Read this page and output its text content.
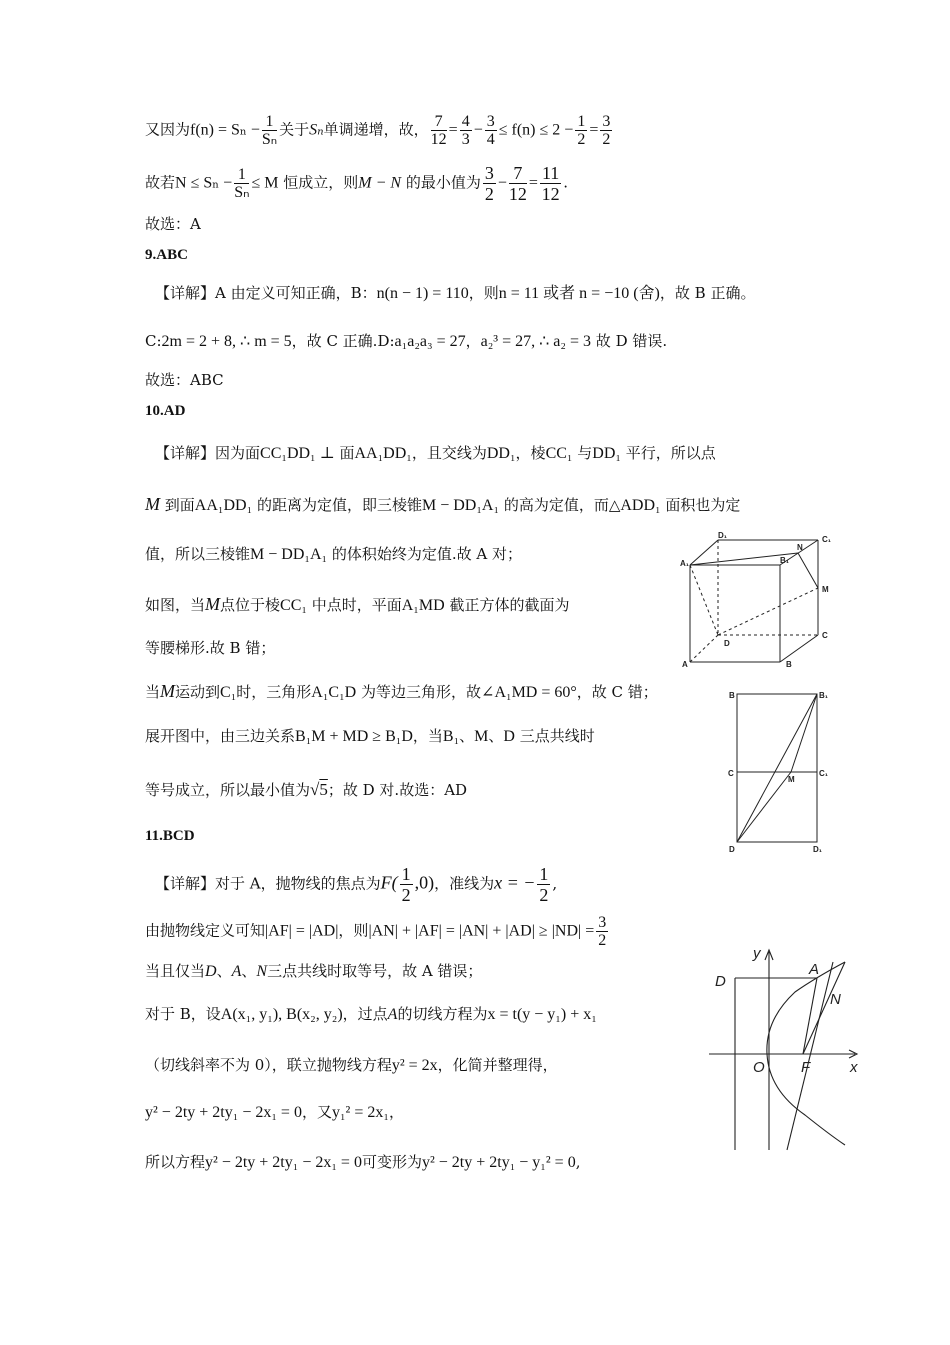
又因为$f(n) = S_n - \frac{1}{\text{Sₙ}}$ 关于Sₙ单调递增，故， $\frac{7}{12} = \frac{4}{3} - \frac{3}{4} \le f(n) \le 2 - \frac{1}{2} = \frac{3}{2}$
故若$N \le S_n - \frac{1}{\text{Sₙ}} \le M$ 恒成立，则M − N 的最小值为 $\frac{3}{2} - \frac{7}{12} = \frac{11}{12}$ .
故选：A
9.ABC
【详解】A 由定义可知正确，B：n(n − 1) = 110，则n = 11 或者 n = −10 (舍)，故 B 正确。
C:2m = 2 + 8, ∴ m = 5，故 C 正确.D:a₁a₂a₃ = 27，a₂³ = 27, ∴ a₂ = 3 故 D 错误.
故选：ABC
10.AD
【详解】因为面CC₁DD₁ ⊥ 面AA₁DD₁，且交线为DD₁，棱CC₁ 与DD₁ 平行，所以点
M 到面AA₁DD₁ 的距离为定值，即三棱锥M − DD₁A₁ 的高为定值，而△ADD₁ 面积也为定
值，所以三棱锥M − DD₁A₁ 的体积始终为定值.故 A 对；
如图，当M点位于棱CC₁ 中点时，平面A₁MD 截正方体的截面为
等腰梯形.故 B 错；
当M运动到C₁时，三角形A₁C₁D 为等边三角形，故∠A₁MD = 60°，故 C 错；
展开图中，由三边关系B₁M + MD ≥ B₁D，当B₁、M、D 三点共线时
等号成立，所以最小值为√5；故 D 对.故选：AD
11.BCD
【详解】对于 A，抛物线的焦点为$F( \frac{1}{2} ,0)$，准线为x = − $\frac{1}{2}$ ,
由抛物线定义可知|AF| = |AD|，则$|AN| + |AF| = |AN| + |AD| \ge |ND| = \frac{3}{2}$
当且仅当D、A、N三点共线时取等号，故 A 错误；
对于 B，设A(x₁, y₁), B(x₂, y₂)，过点A的切线方程为x = t(y − y₁) + x₁
（切线斜率不为 0），联立抛物线方程y² = 2x，化简并整理得，
y² − 2ty + 2ty₁ − 2x₁ = 0，又y₁² = 2x₁，
所以方程y² − 2ty + 2ty₁ − 2x₁ = 0可变形为y² − 2ty + 2ty₁ − y₁² = 0,
D₁	C₁
A₁	B₁
N
M
C
D
A	B
B	B₁
C
M
C₁
D	D₁
y
D
A
N
O F	x
